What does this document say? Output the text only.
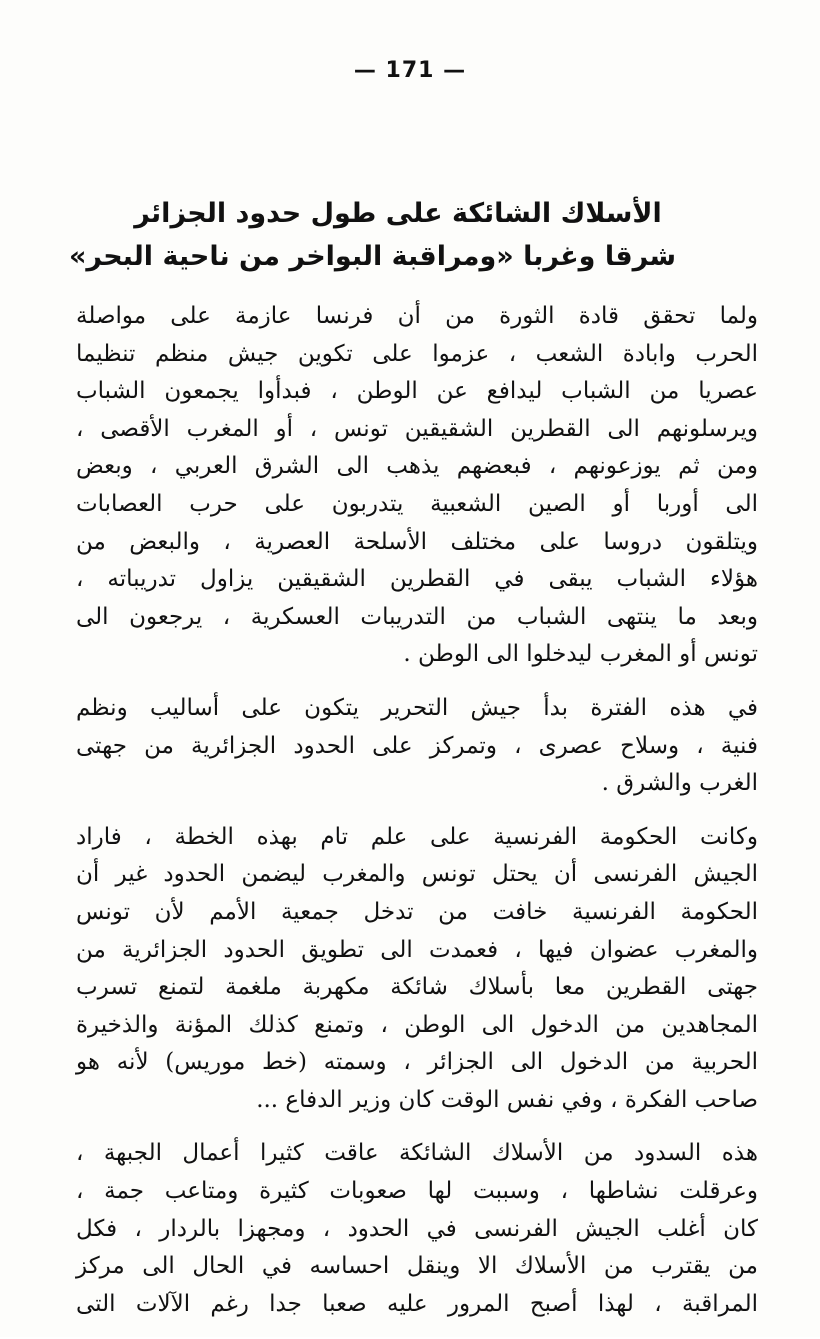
— 171 —
الأسلاك الشائكة على طول حدود الجزائر
شرقا وغربا «ومراقبة البواخر من ناحية البحر»

ولما تحقق قادة الثورة من أن فرنسا عازمة على مواصلة
الحرب وابادة الشعب ، عزموا على تكوين جيش منظم تنظيما
عصريا من الشباب ليدافع عن الوطن ، فبدأوا يجمعون الشباب
ويرسلونهم الى القطرين الشقيقين تونس ، أو المغرب الأقصى ،
ومن ثم يوزعونهم ، فبعضهم يذهب الى الشرق العربي ، وبعض
الى أوربا أو الصين الشعبية يتدربون على حرب العصابات
ويتلقون دروسا على مختلف الأسلحة العصرية ، والبعض من
هؤلاء الشباب يبقى في القطرين الشقيقين يزاول تدريباته ،
وبعد ما ينتهى الشباب من التدريبات العسكرية ، يرجعون الى
تونس أو المغرب ليدخلوا الى الوطن .

في هذه الفترة بدأ جيش التحرير يتكون على أساليب ونظم
فنية ، وسلاح عصرى ، وتمركز على الحدود الجزائرية من جهتى
الغرب والشرق .

وكانت الحكومة الفرنسية على علم تام بهذه الخطة ، فاراد
الجيش الفرنسى أن يحتل تونس والمغرب ليضمن الحدود غير أن
الحكومة الفرنسية خافت من تدخل جمعية الأمم لأن تونس
والمغرب عضوان فيها ، فعمدت الى تطويق الحدود الجزائرية من
جهتى القطرين معا بأسلاك شائكة مكهربة ملغمة لتمنع تسرب
المجاهدين من الدخول الى الوطن ، وتمنع كذلك المؤنة والذخيرة
الحربية من الدخول الى الجزائر ، وسمته (خط موريس) لأنه هو
صاحب الفكرة ، وفي نفس الوقت كان وزير الدفاع ...

هذه السدود من الأسلاك الشائكة عاقت كثيرا أعمال الجبهة ،
وعرقلت نشاطها ، وسببت لها صعوبات كثيرة ومتاعب جمة ،
كان أغلب الجيش الفرنسى في الحدود ، ومجهزا بالردار ، فكل
من يقترب من الأسلاك الا وينقل احساسه في الحال الى مركز
المراقبة ، لهذا أصبح المرور عليه صعبا جدا رغم الآلات التى
